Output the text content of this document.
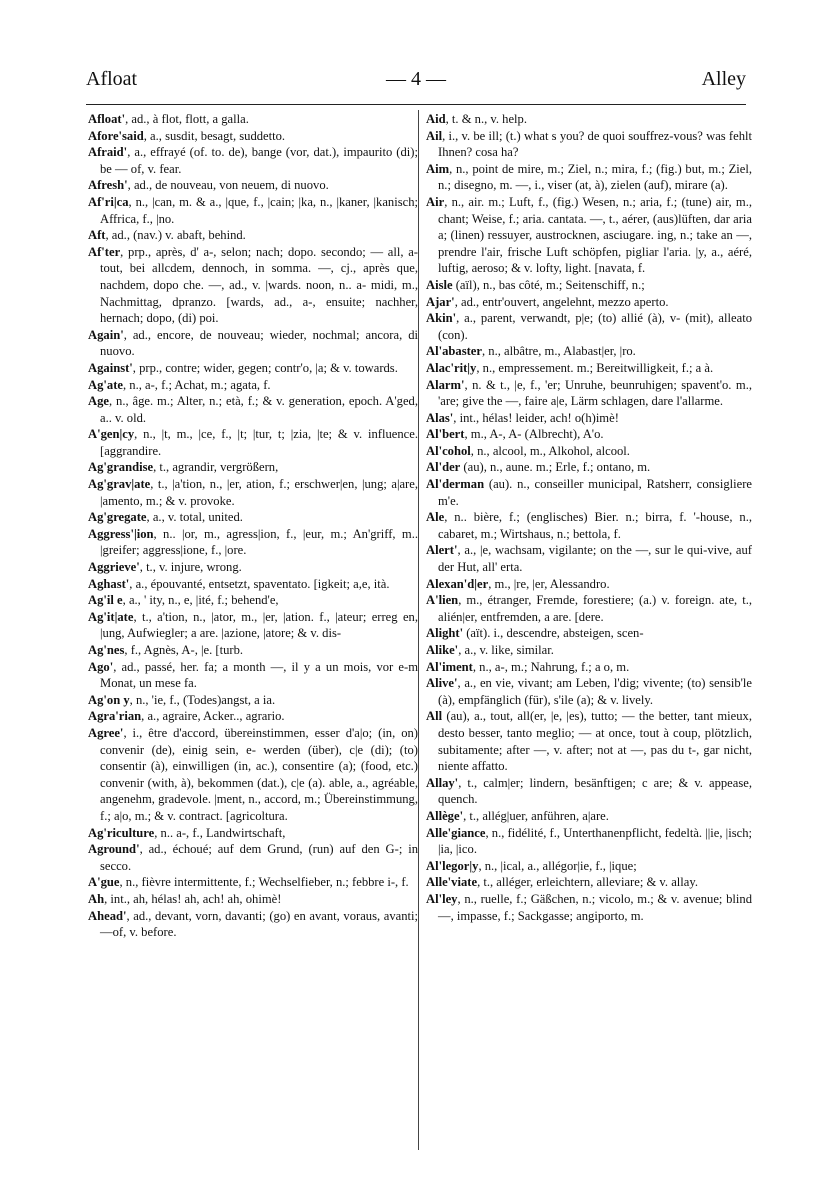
Afloat	— 4 —	Alley
Afloat', ad., à flot, flott, a galla.
Afore'said, a., susdit, besagt, suddetto.
Afraid', a., effrayé (of. to. de), bange (vor, dat.), impaurito (di); be — of, v. fear.
Afresh', ad., de nouveau, von neuem, di nuovo.
Af'ri|ca, n., |can, m. & a., |que, f., |cain; |ka, n., |kaner, |kanisch; Affrica, f., |no.
Aft, ad., (nav.) v. abaft, behind.
Af'ter, prp., après, d' a-, selon; nach; dopo. secondo; — all, a-tout, bei allcdem, dennoch, in somma. —, cj., après que, nachdem, dopo che. —, ad., v. |wards. noon, n.. a- midi, m., Nachmittag, dpranzo. [wards, ad., a-, ensuite; nachher, hernach; dopo, (di) poi.
Again', ad., encore, de nouveau; wieder, nochmal; ancora, di nuovo.
Against', prp., contre; wider, gegen; contr'o, |a; & v. towards.
Ag'ate, n., a-, f.; Achat, m.; agata, f.
Age, n., âge. m.; Alter, n.; età, f.; & v. generation, epoch. A'ged, a.. v. old.
A'gen|cy, n., |t, m., |ce, f., |t; |tur, t; |zia, |te; & v. influence. [aggrandire.
Ag'grandise, t., agrandir, vergrößern,
Ag'grav|ate, t., |a'tion, n., |er, ation, f.; erschwer|en, |ung; a|are, |amento, m.; & v. provoke.
Ag'gregate, a., v. total, united.
Aggress'|ion, n.. |or, m., agress|ion, f., |eur, m.; An'griff, m.. |greifer; aggress|ione, f., |ore.
Aggrieve', t., v. injure, wrong.
Aghast', a., épouvanté, entsetzt, spaventato. [igkeit; a,e, ità.
Ag'il e, a., ' ity, n., e, |ité, f.; behend'e,
Ag'it|ate, t., a'tion, n., |ator, m., |er, |ation. f., |ateur; erreg en, |ung, Aufwiegler; a are. |azione, |atore; & v. dis-
Ag'nes, f., Agnès, A-, |e. [turb.
Ago', ad., passé, her. fa; a month —, il y a un mois, vor e-m Monat, un mese fa.
Ag'on y, n., 'ie, f., (Todes)angst, a ia.
Agra'rian, a., agraire, Acker.., agrario.
Agree', i., être d'accord, übereinstimmen, esser d'a|o; (in, on) convenir (de), einig sein, e- werden (über), c|e (di); (to) consentir (à), einwilligen (in, ac.), consentire (a); (food, etc.) convenir (with, à), bekommen (dat.), c|e (a). able, a., agréable, angenehm, gradevole. |ment, n., accord, m.; Übereinstimmung, f.; a|o, m.; & v. contract. [agricoltura.
Ag'riculture, n.. a-, f., Landwirtschaft,
Aground', ad., échoué; auf dem Grund, (run) auf den G-; in secco.
A'gue, n., fièvre intermittente, f.; Wechselfieber, n.; febbre i-, f.
Ah, int., ah, hélas! ah, ach! ah, ohimè!
Ahead', ad., devant, vorn, davanti; (go) en avant, voraus, avanti; —of, v. before.
Aid, t. & n., v. help.
Ail, i., v. be ill; (t.) what s you? de quoi souffrez-vous? was fehlt Ihnen? cosa ha?
Aim, n., point de mire, m.; Ziel, n.; mira, f.; (fig.) but, m.; Ziel, n.; disegno, m. —, i., viser (at, à), zielen (auf), mirare (a).
Air, n., air. m.; Luft, f., (fig.) Wesen, n.; aria, f.; (tune) air, m., chant; Weise, f.; aria. cantata. —, t., aérer, (aus)lüften, dar aria a; (linen) ressuyer, austrocknen, asciugare. ing, n.; take an —, prendre l'air, frische Luft schöpfen, pigliar l'aria. |y, a., aéré, luftig, aeroso; & v. lofty, light. [navata, f.
Aisle (aïl), n., bas côté, m.; Seitenschiff, n.;
Ajar', ad., entr'ouvert, angelehnt, mezzo aperto.
Akin', a., parent, verwandt, p|e; (to) allié (à), v- (mit), alleato (con).
Al'abaster, n., albâtre, m., Alabast|er, |ro.
Alac'rit|y, n., empressement. m.; Bereitwilligkeit, f.; a à.
Alarm', n. & t., |e, f., 'er; Unruhe, beunruhigen; spavent'o. m., 'are; give the —, faire a|e, Lärm schlagen, dare l'allarme.
Alas', int., hélas! leider, ach! o(h)imè!
Al'bert, m., A-, A- (Albrecht), A'o.
Al'cohol, n., alcool, m., Alkohol, alcool.
Al'der (au), n., aune. m.; Erle, f.; ontano, m.
Al'derman (au). n., conseiller municipal, Ratsherr, consigliere m'e.
Ale, n.. bière, f.; (englisches) Bier. n.; birra, f. '-house, n., cabaret, m.; Wirtshaus, n.; bettola, f.
Alert', a., |e, wachsam, vigilante; on the —, sur le qui-vive, auf der Hut, all' erta.
Alexan'd|er, m., |re, |er, Alessandro.
A'lien, m., étranger, Fremde, forestiere; (a.) v. foreign. ate, t., alién|er, entfremden, a are. [dere.
Alight' (aït). i., descendre, absteigen, scen-
Alike', a., v. like, similar.
Al'iment, n., a-, m.; Nahrung, f.; a o, m.
Alive', a., en vie, vivant; am Leben, l'dig; vivente; (to) sensib'le (à), empfänglich (für), s'ile (a); & v. lively.
All (au), a., tout, all(er, |e, |es), tutto; — the better, tant mieux, desto besser, tanto meglio; — at once, tout à coup, plötzlich, subitamente; after —, v. after; not at —, pas du t-, gar nicht, niente affatto.
Allay', t., calm|er; lindern, besänftigen; c are; & v. appease, quench.
Allège', t., allég|uer, anführen, a|are.
Alle'giance, n., fidélité, f., Unterthanenpflicht, fedeltà. ||ie, |isch; |ia, |ico.
Al'legor|y, n., |ical, a., allégor|ie, f., |ique;
Alle'viate, t., alléger, erleichtern, alleviare; & v. allay.
Al'ley, n., ruelle, f.; Gäßchen, n.; vicolo, m.; & v. avenue; blind —, impasse, f.; Sackgasse; angiporto, m.
